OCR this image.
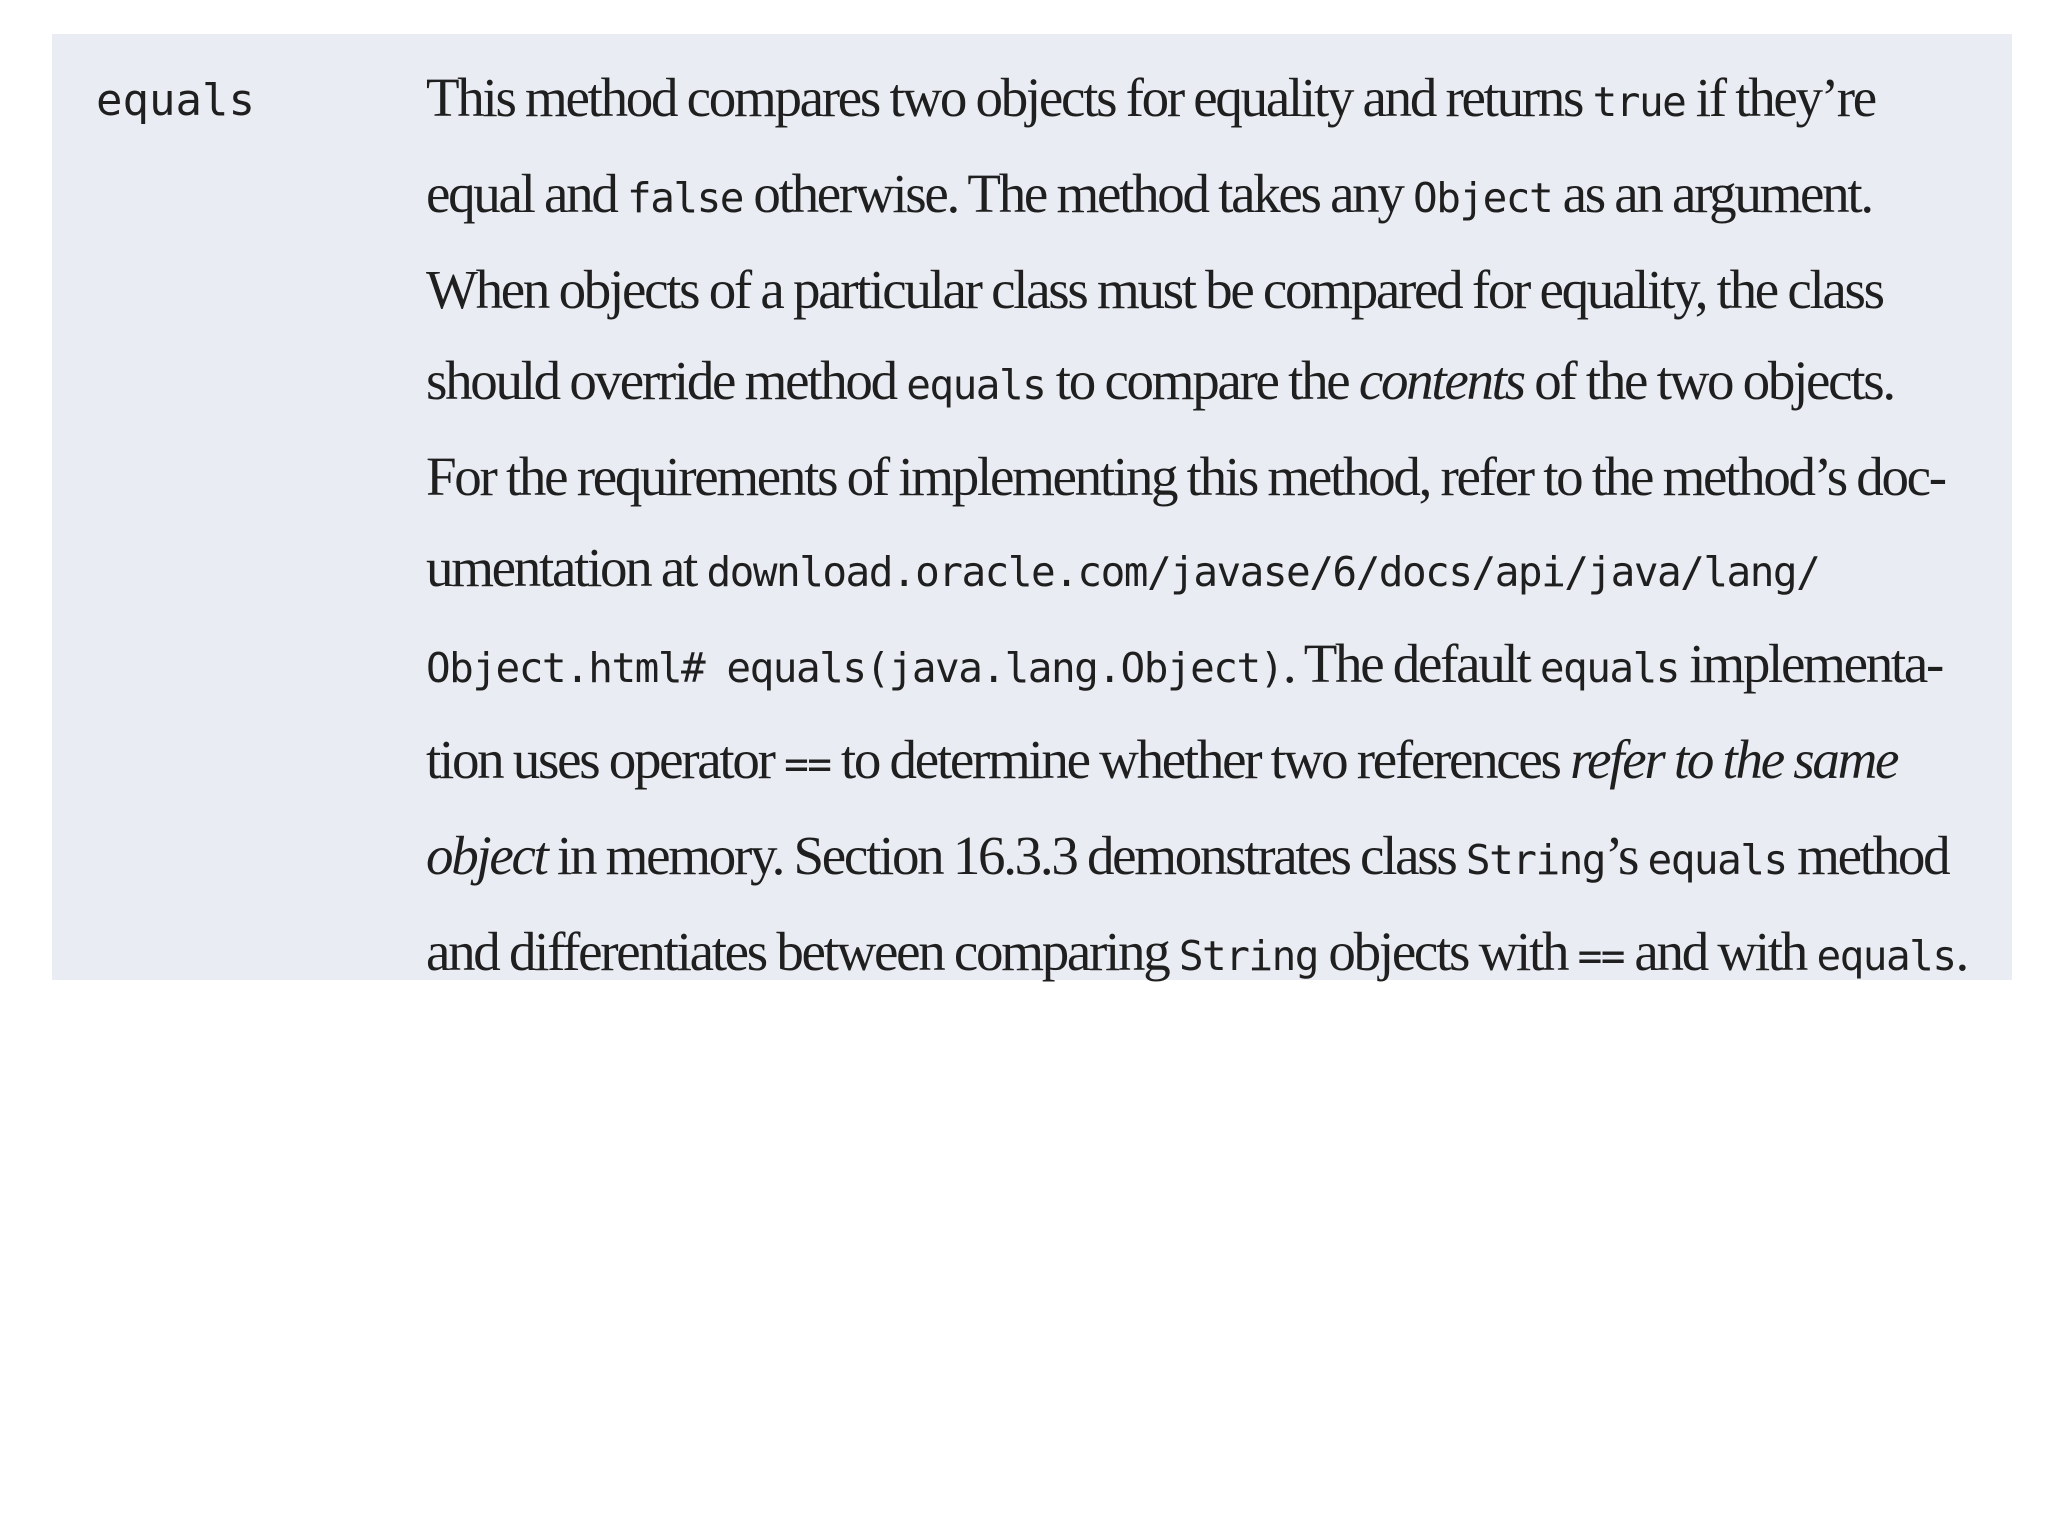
equals	This method compares two objects for equality and returns true if they’re
equal and false otherwise. The method takes any Object as an argument.
When objects of a particular class must be compared for equality, the class
should override method equals to compare the contents of the two objects.
For the requirements of implementing this method, refer to the method’s doc-
umentation at download.oracle.com/javase/6/docs/api/java/lang/
Object.html# equals(java.lang.Object). The default equals implementa-
tion uses operator == to determine whether two references refer to the same
object in memory. Section 16.3.3 demonstrates class String’s equals method
and differentiates between comparing String objects with == and with equals.
